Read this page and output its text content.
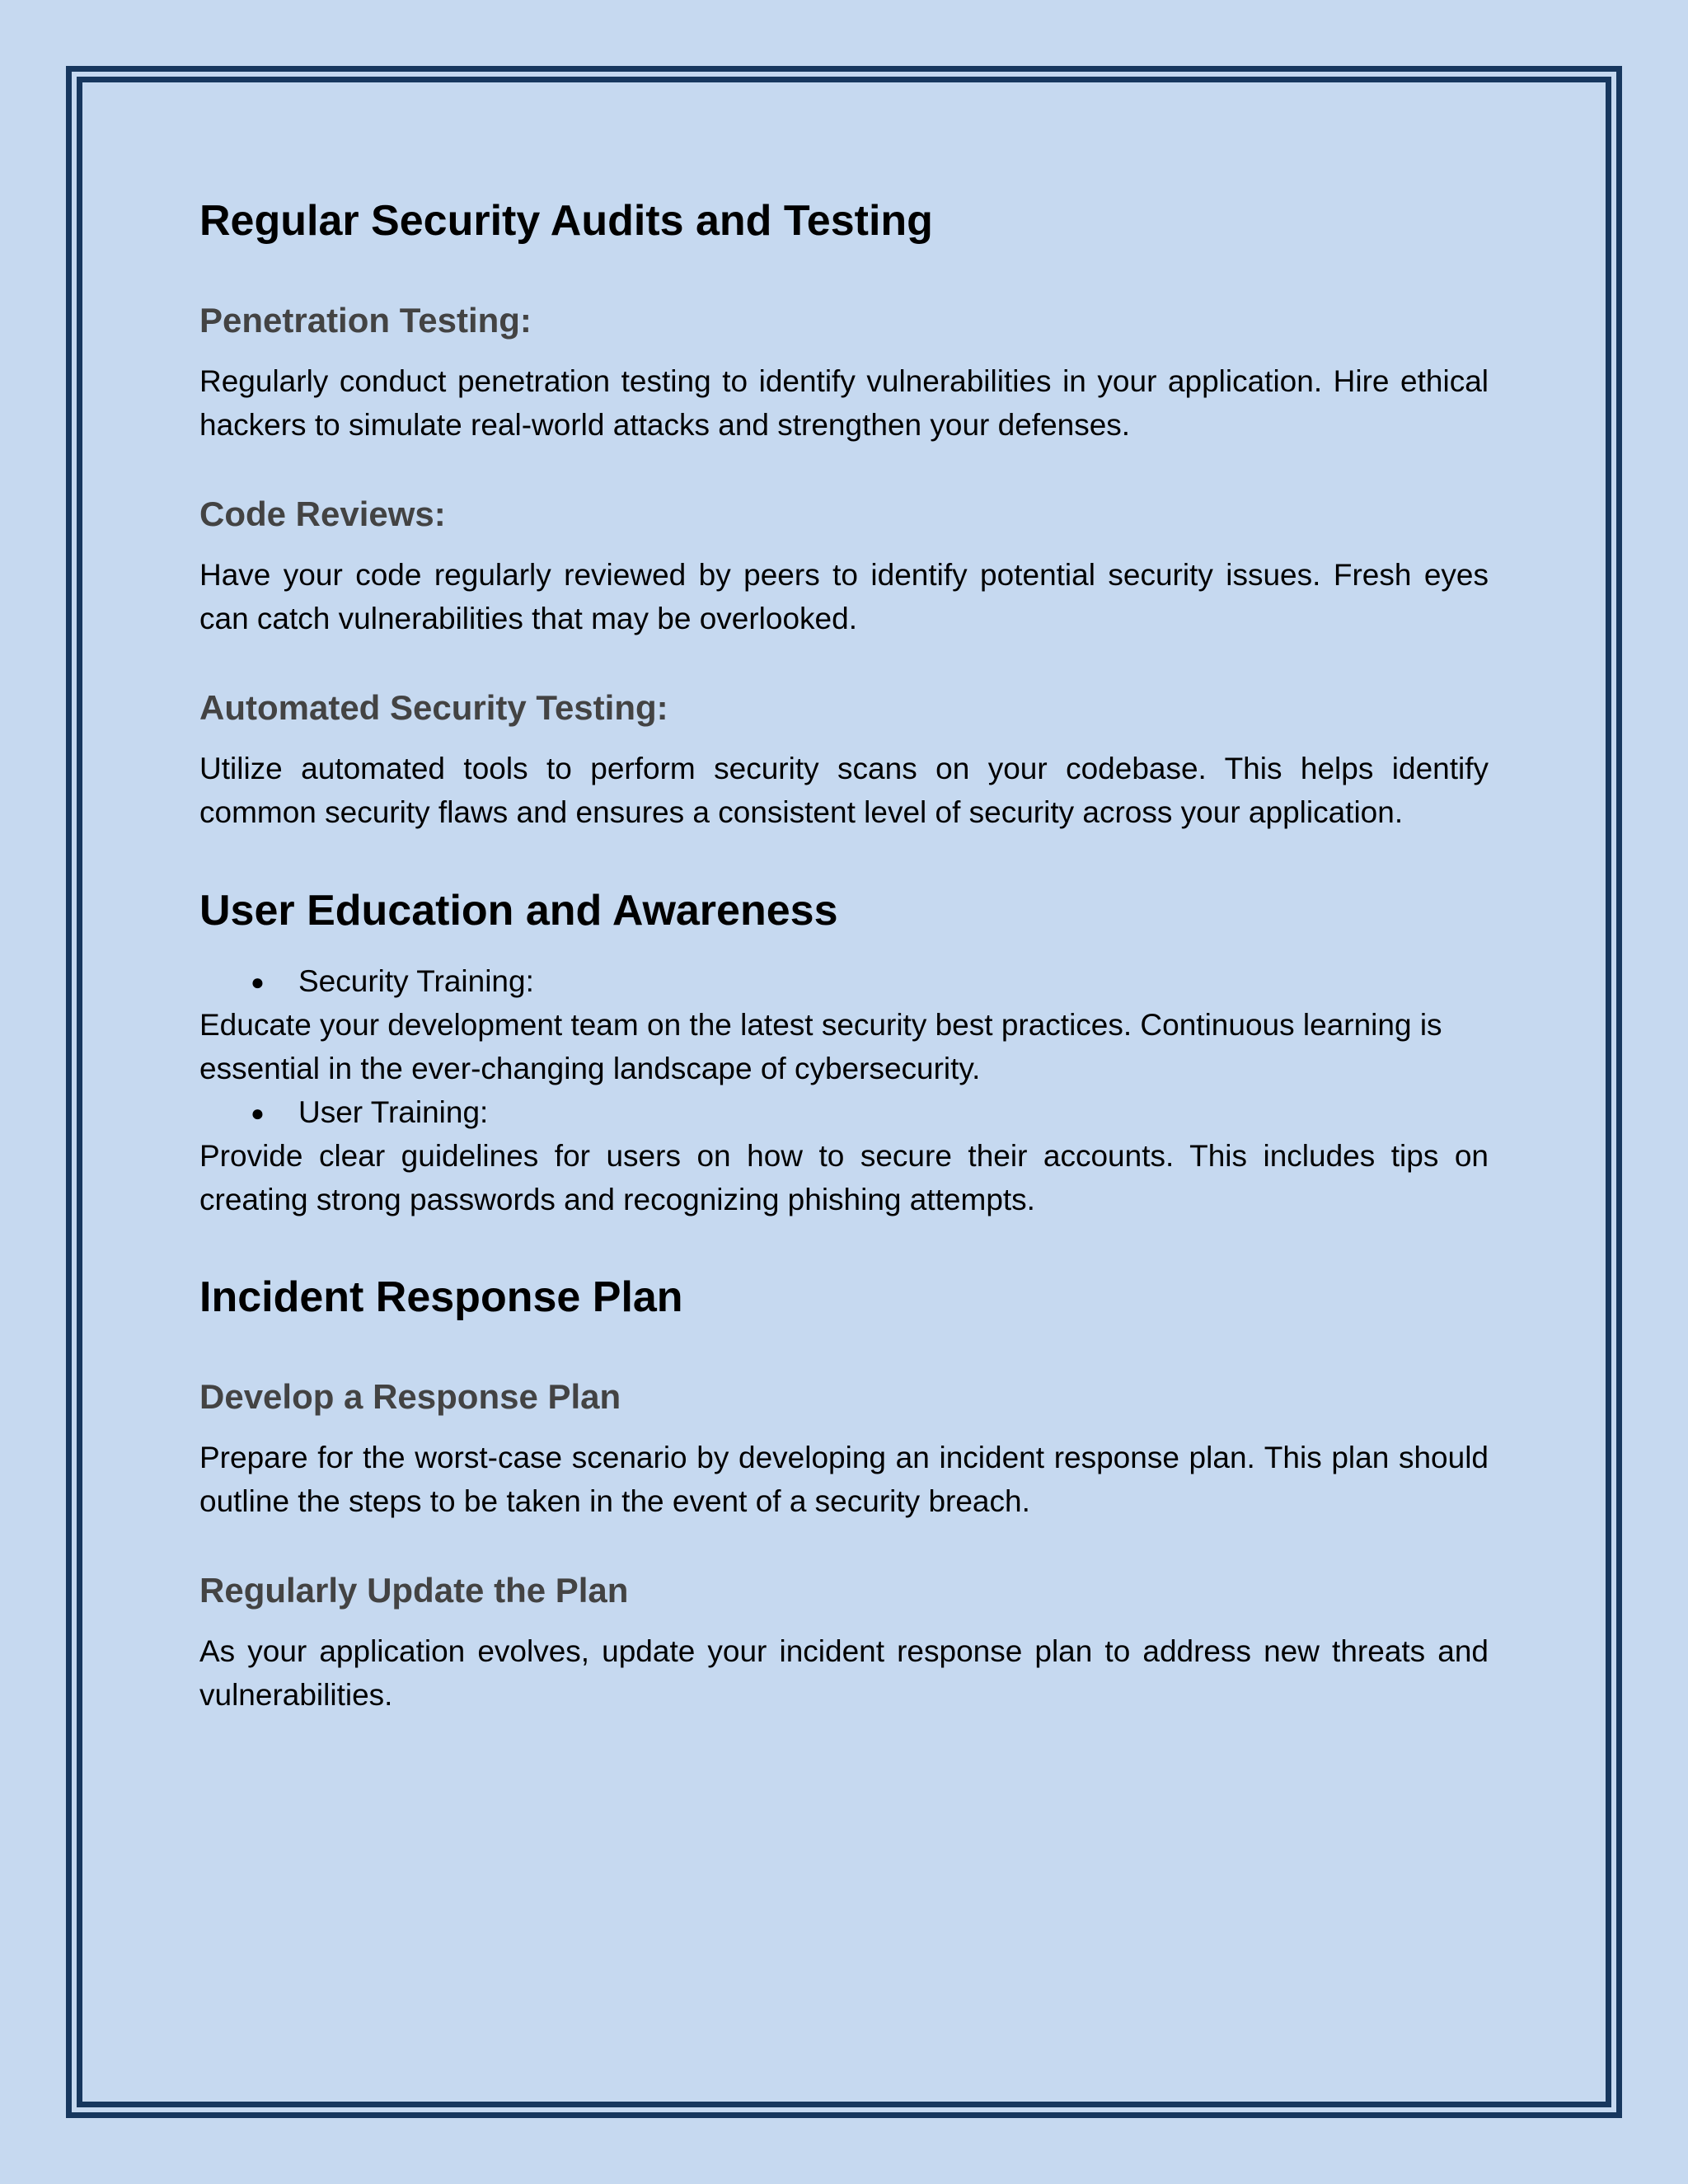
Regular Security Audits and Testing
Penetration Testing:

Regularly conduct penetration testing to identify vulnerabilities in your application. Hire ethical hackers to simulate real-world attacks and strengthen your defenses.

Code Reviews:

Have your code regularly reviewed by peers to identify potential security issues. Fresh eyes can catch vulnerabilities that may be overlooked.

Automated Security Testing:

Utilize automated tools to perform security scans on your codebase. This helps identify common security flaws and ensures a consistent level of security across your application.

User Education and Awareness
● Security Training:

Educate your development team on the latest security best practices. Continuous learning is essential in the ever-changing landscape of cybersecurity.

● User Training:

Provide clear guidelines for users on how to secure their accounts. This includes tips on creating strong passwords and recognizing phishing attempts.

Incident Response Plan
Develop a Response Plan

Prepare for the worst-case scenario by developing an incident response plan. This plan should outline the steps to be taken in the event of a security breach.

Regularly Update the Plan

As your application evolves, update your incident response plan to address new threats and vulnerabilities.
